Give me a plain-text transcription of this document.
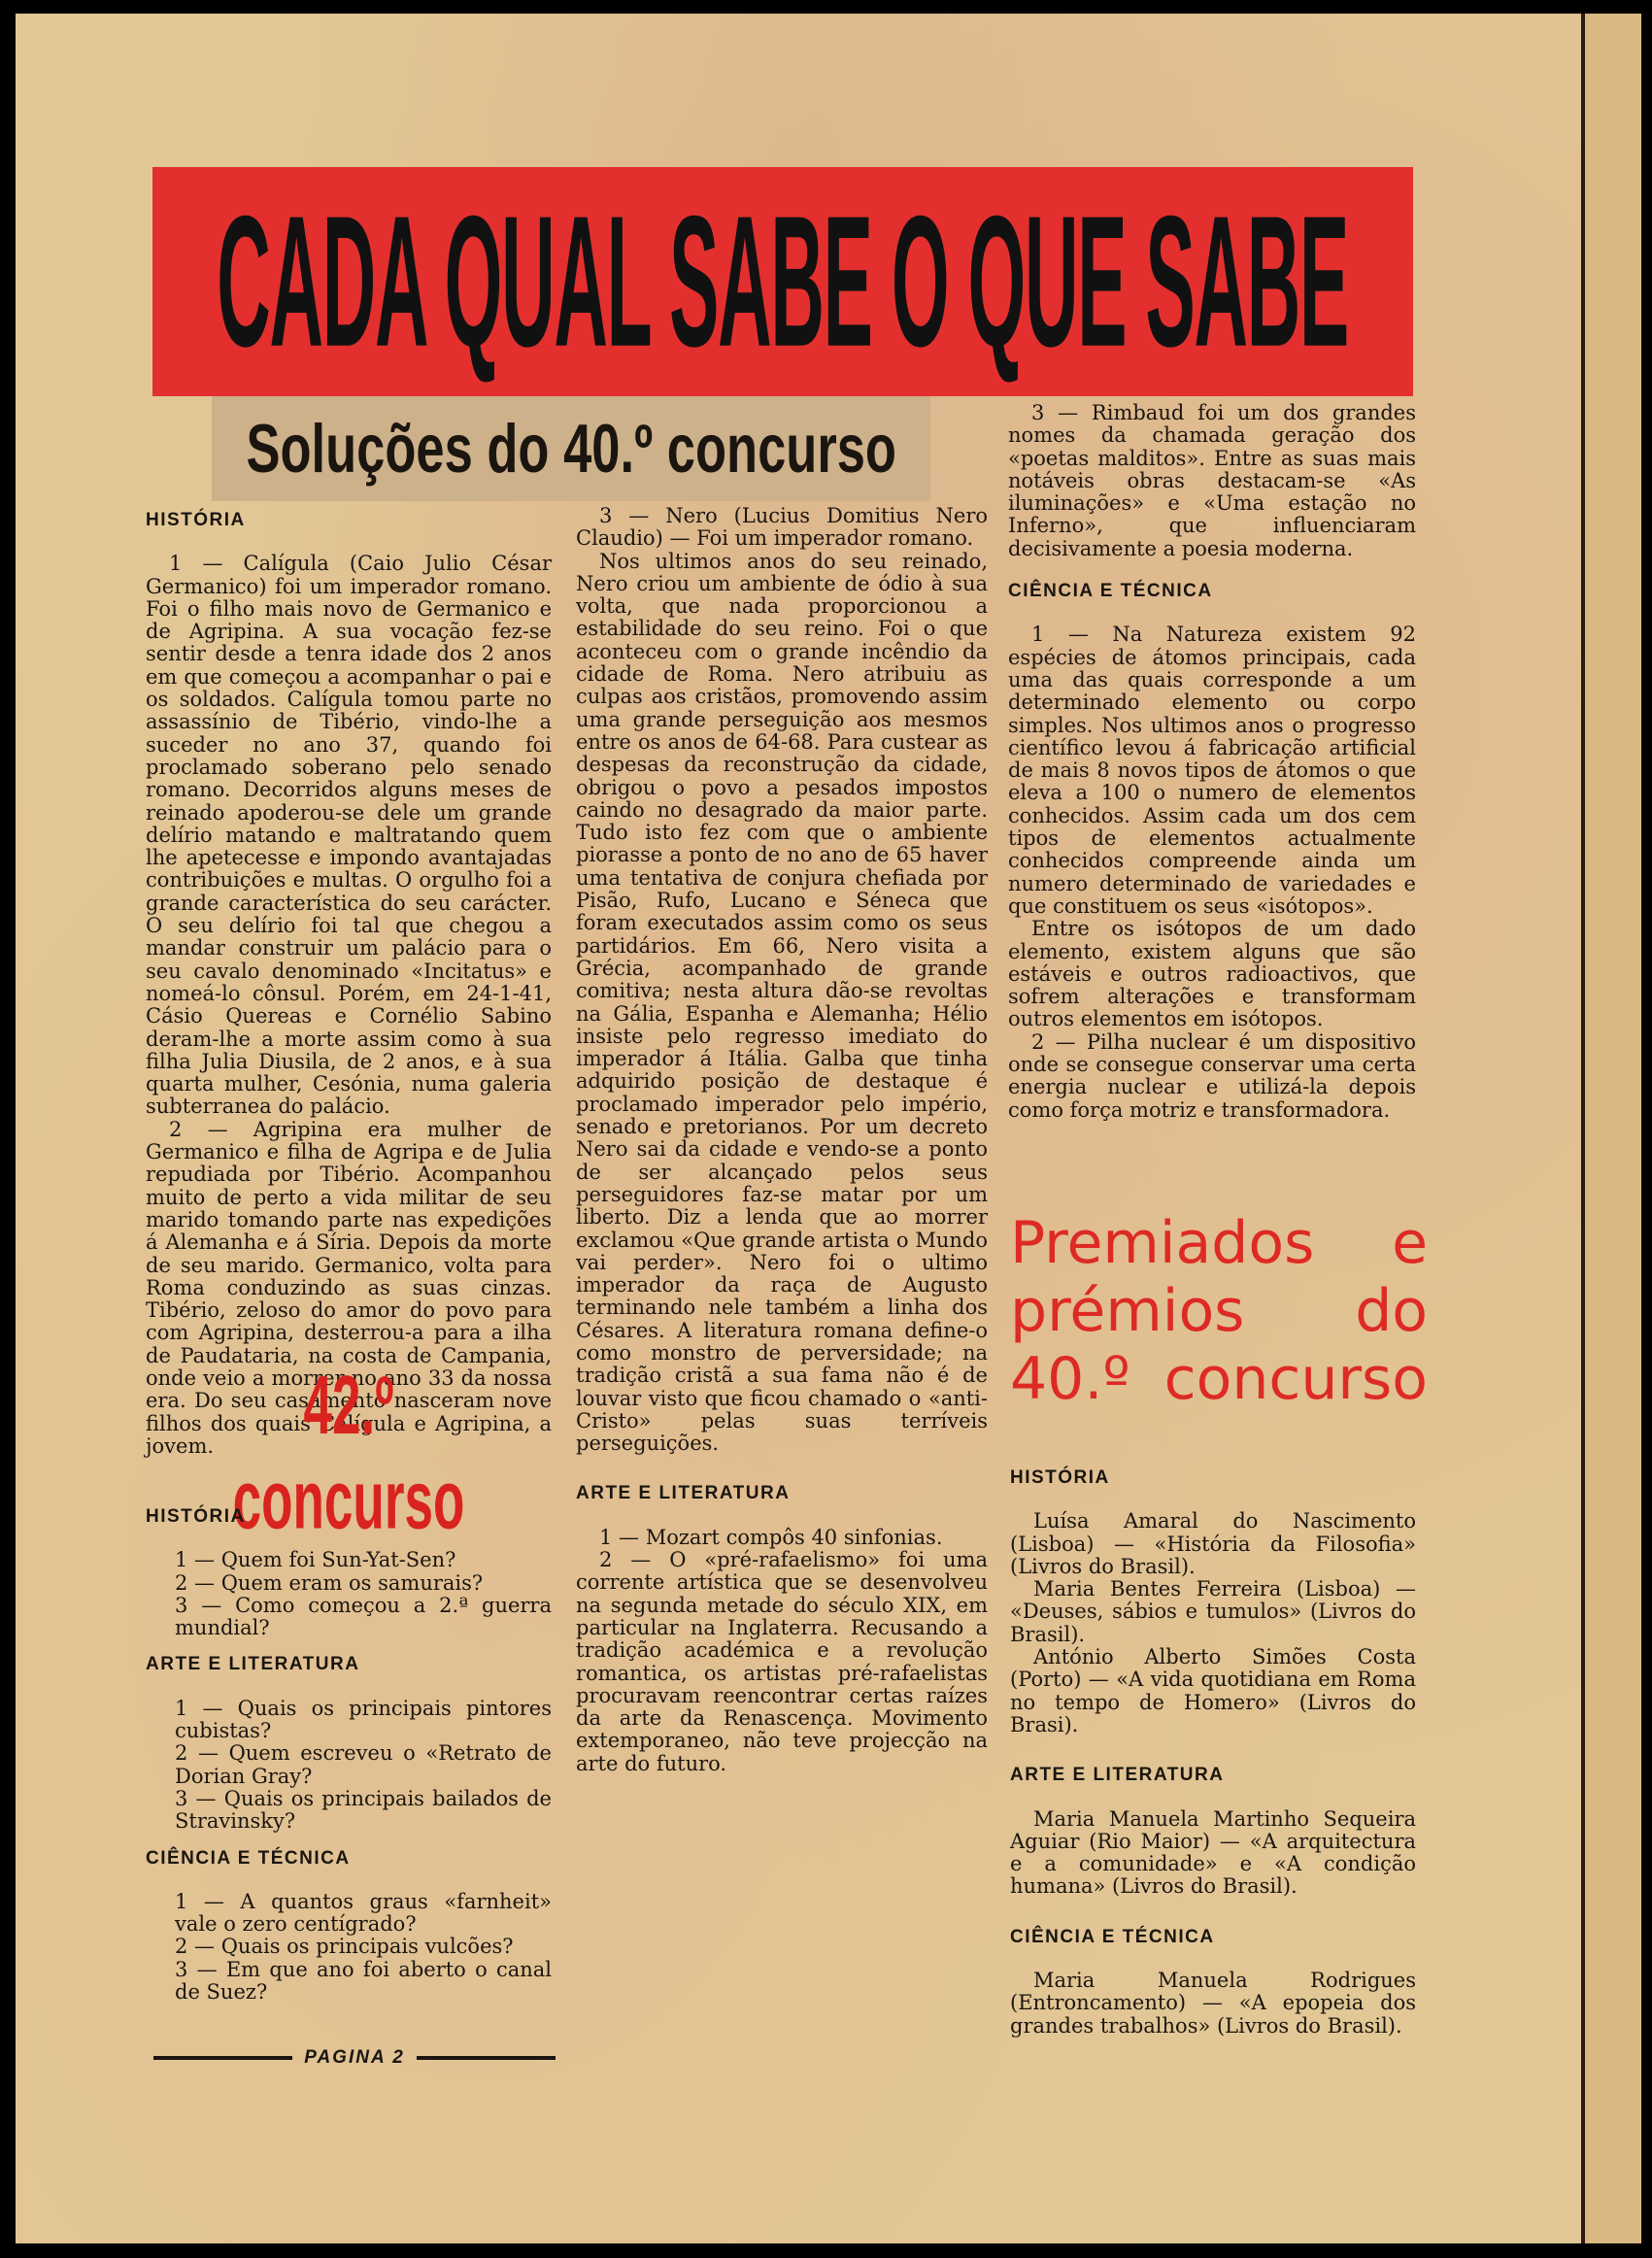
CADA QUAL SABE O QUE SABE
Soluções do 40.º concurso
HISTÓRIA

1 — Calígula (Caio Julio César Germanico) foi um imperador romano. Foi o filho mais novo de Germanico e de Agripina. A sua vocação fez-se sentir desde a tenra idade dos 2 anos em que começou a acompanhar o pai e os soldados. Calígula tomou parte no assassínio de Tibério, vindo-lhe a suceder no ano 37, quando foi proclamado soberano pelo senado romano. Decorridos alguns meses de reinado apoderou-se dele um grande delírio matando e maltratando quem lhe apetecesse e impondo avantajadas contribuições e multas. O orgulho foi a grande característica do seu carácter. O seu delírio foi tal que chegou a mandar construir um palácio para o seu cavalo denominado «Incitatus» e nomeá-lo cônsul. Porém, em 24-1-41, Cásio Quereas e Cornélio Sabino deram-lhe a morte assim como à sua filha Julia Diusila, de 2 anos, e à sua quarta mulher, Cesónia, numa galeria subterranea do palácio.

2 — Agripina era mulher de Germanico e filha de Agripa e de Julia repudiada por Tibério. Acompanhou muito de perto a vida militar de seu marido tomando parte nas expedições á Alemanha e á Síria. Depois da morte de seu marido. Germanico, volta para Roma conduzindo as suas cinzas. Tibério, zeloso do amor do povo para com Agripina, desterrou-a para a ilha de Paudataria, na costa de Campania, onde veio a morrer no ano 33 da nossa era. Do seu casamento nasceram nove filhos dos quais Calígula e Agripina, a jovem.	42.º concurso
HISTÓRIA

1 — Quem foi Sun-Yat-Sen?

2 — Quem eram os samurais?

3 — Como começou a 2.ª guerra mundial?

ARTE E LITERATURA

1 — Quais os principais pintores cubistas?

2 — Quem escreveu o «Retrato de Dorian Gray?

3 — Quais os principais bailados de Stravinsky?

CIÊNCIA E TÉCNICA

1 — A quantos graus «farnheit» vale o zero centígrado?

2 — Quais os principais vulcões?

3 — Em que ano foi aberto o canal de Suez?

PAGINA 2

3 — Nero (Lucius Domitius Nero Claudio) — Foi um imperador romano.

Nos ultimos anos do seu reinado, Nero criou um ambiente de ódio à sua volta, que nada proporcionou a estabilidade do seu reino. Foi o que aconteceu com o grande incêndio da cidade de Roma. Nero atribuiu as culpas aos cristãos, promovendo assim uma grande perseguição aos mesmos entre os anos de 64-68. Para custear as despesas da reconstrução da cidade, obrigou o povo a pesados impostos caindo no desagrado da maior parte. Tudo isto fez com que o ambiente piorasse a ponto de no ano de 65 haver uma tentativa de conjura chefiada por Pisão, Rufo, Lucano e Séneca que foram executados assim como os seus partidários. Em 66, Nero visita a Grécia, acompanhado de grande comitiva; nesta altura dão-se revoltas na Gália, Espanha e Alemanha; Hélio insiste pelo regresso imediato do imperador á Itália. Galba que tinha adquirido posição de destaque é proclamado imperador pelo império, senado e pretorianos. Por um decreto Nero sai da cidade e vendo-se a ponto de ser alcançado pelos seus perseguidores faz-se matar por um liberto. Diz a lenda que ao morrer exclamou «Que grande artista o Mundo vai perder». Nero foi o ultimo imperador da raça de Augusto terminando nele também a linha dos Césares. A literatura romana define-o como monstro de perversidade; na tradição cristã a sua fama não é de louvar visto que ficou chamado o «anti-Cristo» pelas suas terríveis perseguições.

ARTE E LITERATURA

1 — Mozart compôs 40 sinfonias.

2 — O «pré-rafaelismo» foi uma corrente artística que se desenvolveu na segunda metade do século XIX, em particular na Inglaterra. Recusando a tradição académica e a revolução romantica, os artistas pré-rafaelistas procuravam reencontrar certas raízes da arte da Renascença. Movimento extemporaneo, não teve projecção na arte do futuro.

3 — Rimbaud foi um dos grandes nomes da chamada geração dos «poetas malditos». Entre as suas mais notáveis obras destacam-se «As iluminações» e «Uma estação no Inferno», que influenciaram decisivamente a poesia moderna.

CIÊNCIA E TÉCNICA

1 — Na Natureza existem 92 espécies de átomos principais, cada uma das quais corresponde a um determinado elemento ou corpo simples. Nos ultimos anos o progresso científico levou á fabricação artificial de mais 8 novos tipos de átomos o que eleva a 100 o numero de elementos conhecidos. Assim cada um dos cem tipos de elementos actualmente conhecidos compreende ainda um numero determinado de variedades e que constituem os seus «isótopos».

Entre os isótopos de um dado elemento, existem alguns que são estáveis e outros radioactivos, que sofrem alterações e transformam outros elementos em isótopos.

2 — Pilha nuclear é um dispositivo onde se consegue conservar uma certa energia nuclear e utilizá-la depois como força motriz e transformadora.

Premiados e prémios do 40.º concurso
HISTÓRIA

Luísa Amaral do Nascimento (Lisboa) — «História da Filosofia» (Livros do Brasil).

Maria Bentes Ferreira (Lisboa) — «Deuses, sábios e tumulos» (Livros do Brasil).

António Alberto Simões Costa (Porto) — «A vida quotidiana em Roma no tempo de Homero» (Livros do Brasi).

ARTE E LITERATURA

Maria Manuela Martinho Sequeira Aguiar (Rio Maior) — «A arquitectura e a comunidade» e «A condição humana» (Livros do Brasil).

CIÊNCIA E TÉCNICA

Maria Manuela Rodrigues (Entroncamento) — «A epopeia dos grandes trabalhos» (Livros do Brasil).
